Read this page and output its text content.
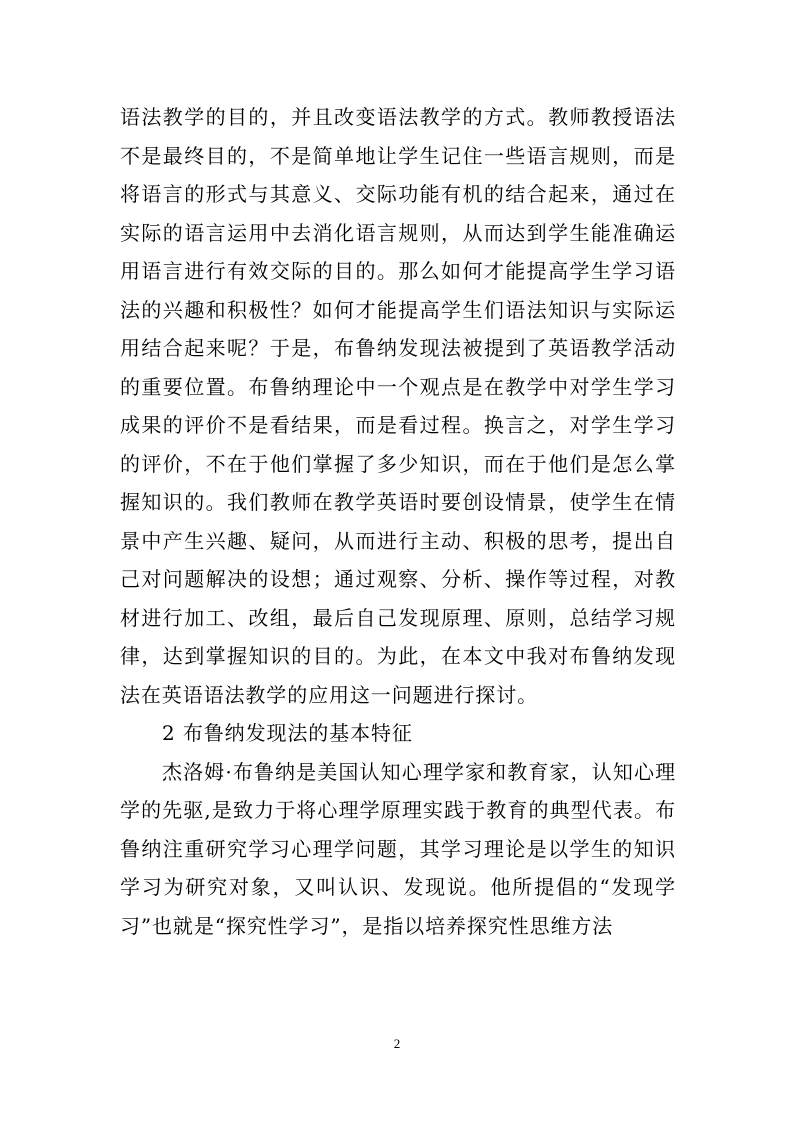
语法教学的目的，并且改变语法教学的方式。教师教授语法不是最终目的，不是简单地让学生记住一些语言规则，而是将语言的形式与其意义、交际功能有机的结合起来，通过在实际的语言运用中去消化语言规则，从而达到学生能准确运用语言进行有效交际的目的。那么如何才能提高学生学习语法的兴趣和积极性？如何才能提高学生们语法知识与实际运用结合起来呢？于是，布鲁纳发现法被提到了英语教学活动的重要位置。布鲁纳理论中一个观点是在教学中对学生学习成果的评价不是看结果，而是看过程。换言之，对学生学习的评价，不在于他们掌握了多少知识，而在于他们是怎么掌握知识的。我们教师在教学英语时要创设情景，使学生在情景中产生兴趣、疑问，从而进行主动、积极的思考，提出自己对问题解决的设想；通过观察、分析、操作等过程，对教材进行加工、改组，最后自己发现原理、原则，总结学习规律，达到掌握知识的目的。为此，在本文中我对布鲁纳发现法在英语语法教学的应用这一问题进行探讨。

2 布鲁纳发现法的基本特征

杰洛姆·布鲁纳是美国认知心理学家和教育家，认知心理学的先驱,是致力于将心理学原理实践于教育的典型代表。布鲁纳注重研究学习心理学问题，其学习理论是以学生的知识学习为研究对象，又叫认识、发现说。他所提倡的“发现学习”也就是“探究性学习”，是指以培养探究性思维方法

2
